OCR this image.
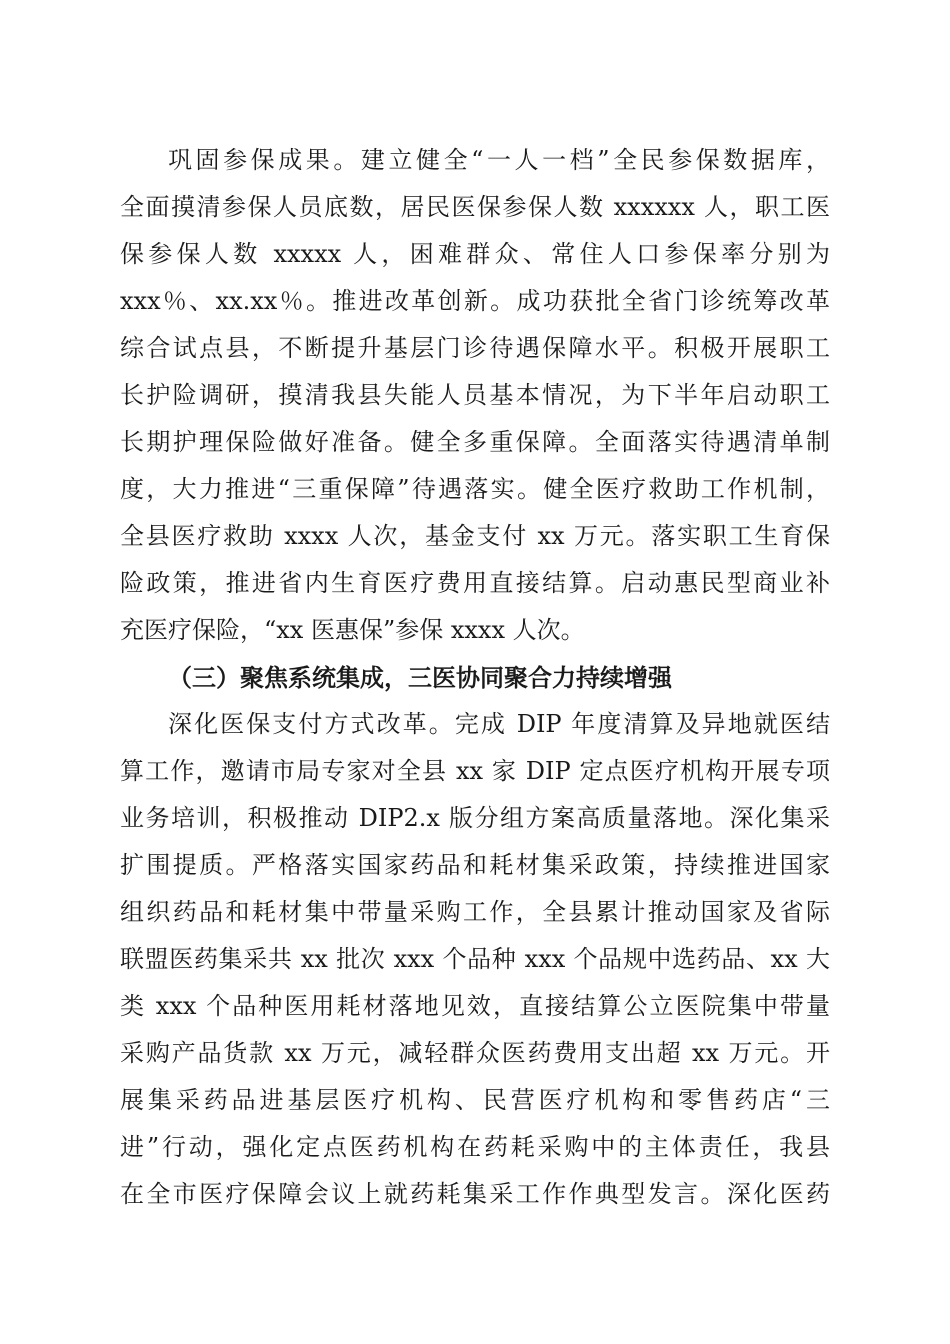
巩固参保成果。建立健全“一人一档”全民参保数据库，
全面摸清参保人员底数，居民医保参保人数 xxxxxx 人，职工医
保参保人数 xxxxx 人，困难群众、常住人口参保率分别为
xxx％、xx.xx％。推进改革创新。成功获批全省门诊统筹改革
综合试点县，不断提升基层门诊待遇保障水平。积极开展职工
长护险调研，摸清我县失能人员基本情况，为下半年启动职工
长期护理保险做好准备。健全多重保障。全面落实待遇清单制
度，大力推进“三重保障”待遇落实。健全医疗救助工作机制，
全县医疗救助 xxxx 人次，基金支付 xx 万元。落实职工生育保
险政策，推进省内生育医疗费用直接结算。启动惠民型商业补
充医疗保险，“xx 医惠保”参保 xxxx 人次。
（三）聚焦系统集成，三医协同聚合力持续增强
深化医保支付方式改革。完成 DIP 年度清算及异地就医结
算工作，邀请市局专家对全县 xx 家 DIP 定点医疗机构开展专项
业务培训，积极推动 DIP2.x 版分组方案高质量落地。深化集采
扩围提质。严格落实国家药品和耗材集采政策，持续推进国家
组织药品和耗材集中带量采购工作，全县累计推动国家及省际
联盟医药集采共 xx 批次 xxx 个品种 xxx 个品规中选药品、xx 大
类 xxx 个品种医用耗材落地见效，直接结算公立医院集中带量
采购产品货款 xx 万元，减轻群众医药费用支出超 xx 万元。开
展集采药品进基层医疗机构、民营医疗机构和零售药店“三
进”行动，强化定点医药机构在药耗采购中的主体责任，我县
在全市医疗保障会议上就药耗集采工作作典型发言。深化医药
